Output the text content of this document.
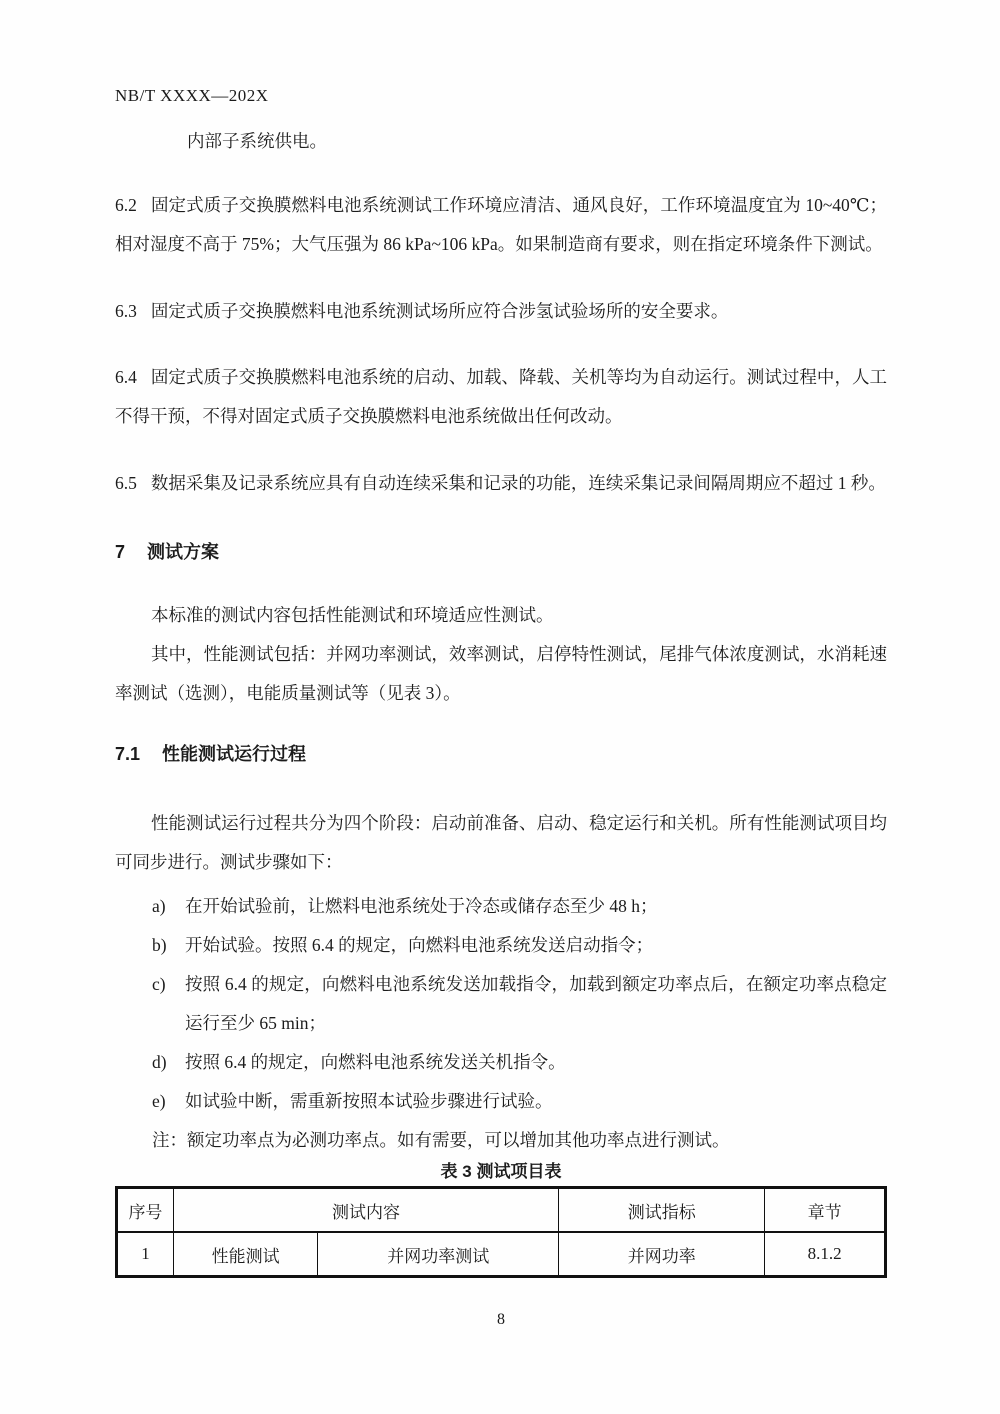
NB/T XXXX—202X

内部子系统供电。

6.2 固定式质子交换膜燃料电池系统测试工作环境应清洁、通风良好，工作环境温度宜为 10~40℃；相对湿度不高于 75%；大气压强为 86 kPa~106 kPa。如果制造商有要求，则在指定环境条件下测试。

6.3 固定式质子交换膜燃料电池系统测试场所应符合涉氢试验场所的安全要求。

6.4 固定式质子交换膜燃料电池系统的启动、加载、降载、关机等均为自动运行。测试过程中，人工不得干预，不得对固定式质子交换膜燃料电池系统做出任何改动。

6.5 数据采集及记录系统应具有自动连续采集和记录的功能，连续采集记录间隔周期应不超过 1 秒。

7 测试方案

本标准的测试内容包括性能测试和环境适应性测试。

其中，性能测试包括：并网功率测试，效率测试，启停特性测试，尾排气体浓度测试，水消耗速率测试（选测），电能质量测试等（见表 3）。

7.1 性能测试运行过程

性能测试运行过程共分为四个阶段：启动前准备、启动、稳定运行和关机。所有性能测试项目均可同步进行。测试步骤如下：

a) 在开始试验前，让燃料电池系统处于冷态或储存态至少 48 h；

b) 开始试验。按照 6.4 的规定，向燃料电池系统发送启动指令；

c) 按照 6.4 的规定，向燃料电池系统发送加载指令，加载到额定功率点后，在额定功率点稳定运行至少 65 min；

d) 按照 6.4 的规定，向燃料电池系统发送关机指令。

e) 如试验中断，需重新按照本试验步骤进行试验。

注：额定功率点为必测功率点。如有需要，可以增加其他功率点进行测试。

表 3 测试项目表
序号	测试内容		测试指标	章节
1	性能测试	并网功率测试	并网功率	8.1.2
8
